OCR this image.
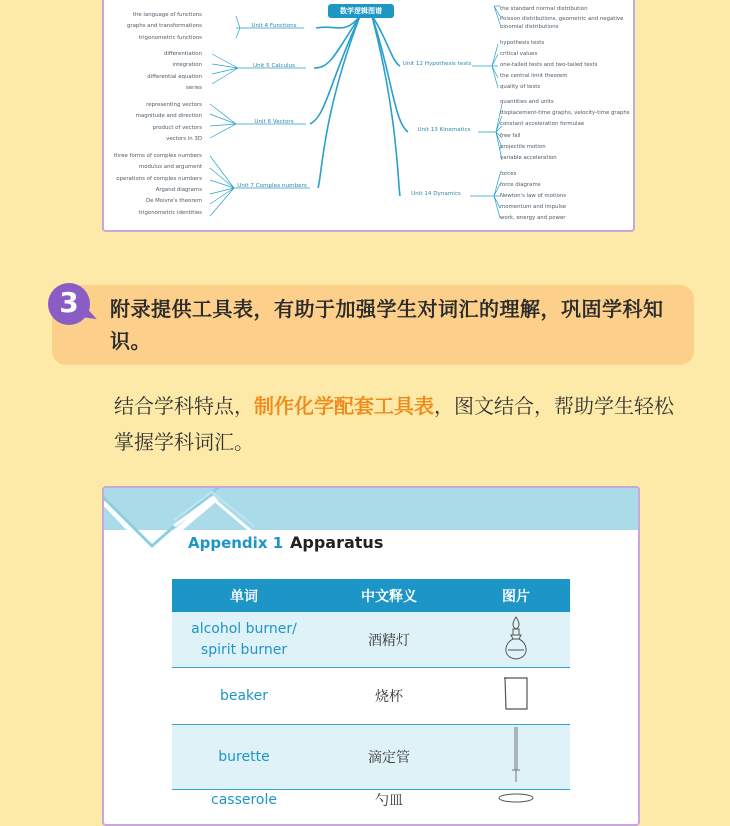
数学逻辑图谱
Unit 4 Functions
Unit 5 Calculus
Unit 6 Vectors
Unit 7 Complex numbers
Unit 12 Hypothesis tests
Unit 13 Kinematics
Unit 14 Dynamics
the language of functions
graphs and transformations
trigonometric functions
differentiation
integration
differential equation
series
representing vectors
magnitude and direction
product of vectors
vectors in 3D
three forms of complex numbers
modulus and argument
operations of complex numbers
Argand diagrams
De Moivre's theorem
trigonometric identities
the standard normal distribution
Poisson distributions, geometric and negative
binomial distributions
hypothesis tests
critical values
one-tailed tests and two-tailed tests
the central limit theorem
quality of tests
quantities and units
displacement-time graphs, velocity-time graphs
constant acceleration formulae
free fall
projectile motion
variable acceleration
forces
force diagrams
Newton's law of motions
momentum and impulse
work, energy and power
3	附录提供工具表，有助于加强学生对词汇的理解，巩固学科知识。
结合学科特点，制作化学配套工具表，图文结合，帮助学生轻松掌握学科词汇。
Appendix 1 Apparatus
单词	中文释义	图片

alcohol burner/
spirit burner	酒精灯	

beaker	烧杯	

burette	滴定管	

casserole	勺皿	
